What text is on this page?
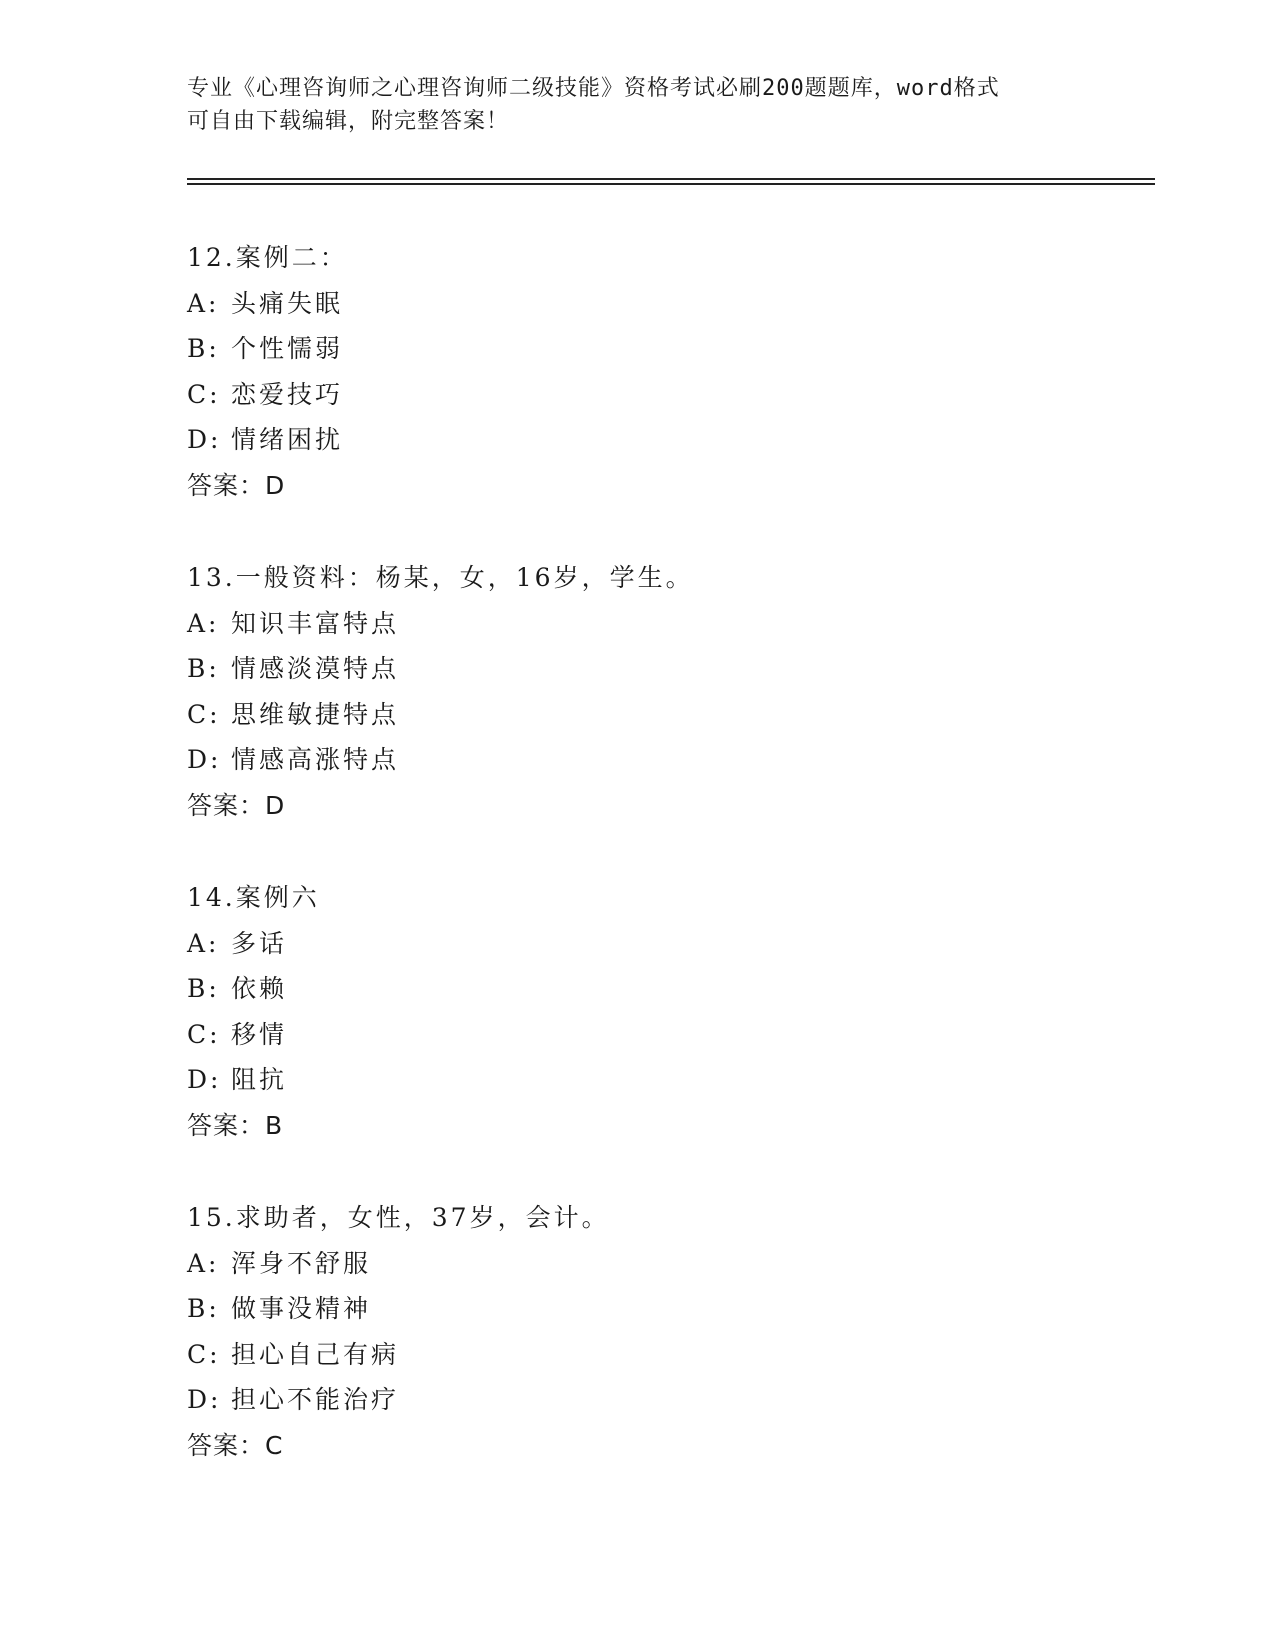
专业《心理咨询师之心理咨询师二级技能》资格考试必刷200题题库，word格式
可自由下载编辑，附完整答案！
12.案例二：
A: 头痛失眠
B: 个性懦弱
C: 恋爱技巧
D: 情绪困扰
答案：D
13.一般资料：杨某，女，16岁，学生。
A: 知识丰富特点
B: 情感淡漠特点
C: 思维敏捷特点
D: 情感高涨特点
答案：D
14.案例六
A: 多话
B: 依赖
C: 移情
D: 阻抗
答案：B
15.求助者，女性，37岁，会计。
A: 浑身不舒服
B: 做事没精神
C: 担心自己有病
D: 担心不能治疗
答案：C
